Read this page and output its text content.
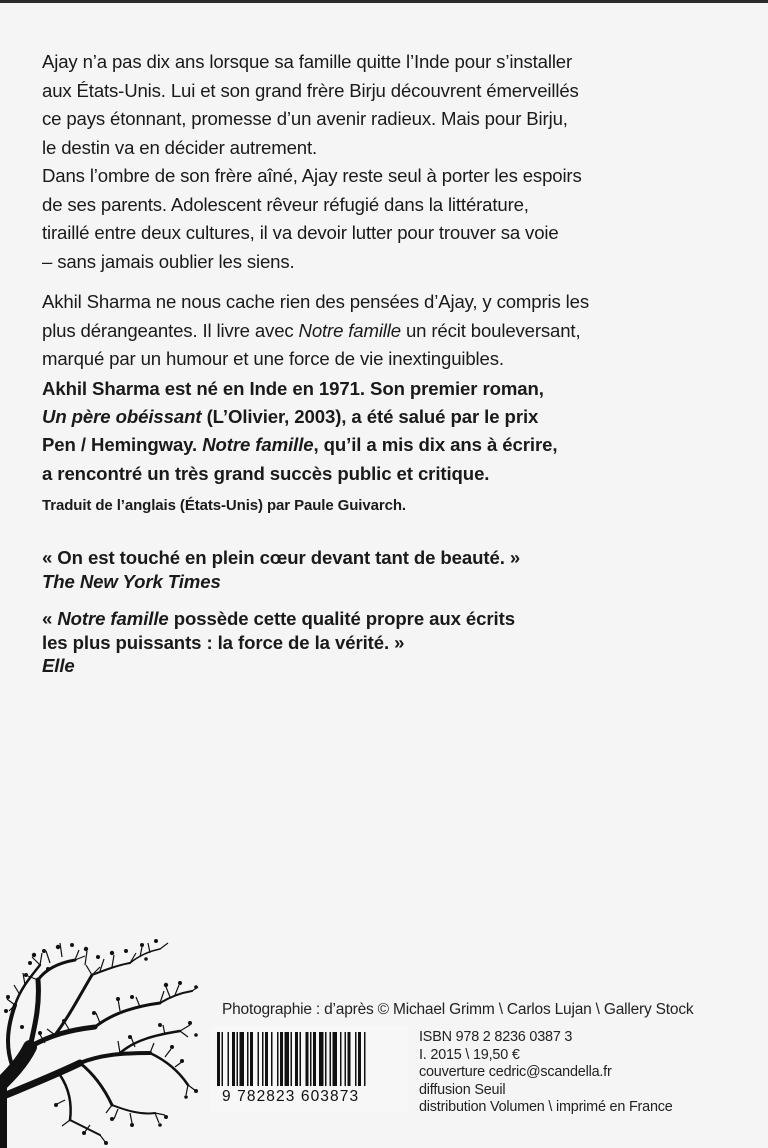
Ajay n’a pas dix ans lorsque sa famille quitte l’Inde pour s’installer

aux États-Unis. Lui et son grand frère Birju découvrent émerveillés

ce pays étonnant, promesse d’un avenir radieux. Mais pour Birju,

le destin va en décider autrement.

Dans l’ombre de son frère aîné, Ajay reste seul à porter les espoirs

de ses parents. Adolescent rêveur réfugié dans la littérature,

tiraillé entre deux cultures, il va devoir lutter pour trouver sa voie

– sans jamais oublier les siens.

Akhil Sharma ne nous cache rien des pensées d’Ajay, y compris les

plus dérangeantes. Il livre avec Notre famille un récit bouleversant,

marqué par un humour et une force de vie inextinguibles.

Akhil Sharma est né en Inde en 1971. Son premier roman,

Un père obéissant (L’Olivier, 2003), a été salué par le prix

Pen / Hemingway. Notre famille, qu’il a mis dix ans à écrire,

a rencontré un très grand succès public et critique.

Traduit de l’anglais (États-Unis) par Paule Guivarch.

« On est touché en plein cœur devant tant de beauté. »

The New York Times

« Notre famille possède cette qualité propre aux écrits

les plus puissants : la force de la vérité. »

Elle

Photographie : d’après © Michael Grimm \ Carlos Lujan \ Gallery Stock
9 782823 603873
ISBN 978 2 8236 0387 3
I. 2015 \ 19,50 €
couverture cedric@scandella.fr
diffusion Seuil
distribution Volumen \ imprimé en France
